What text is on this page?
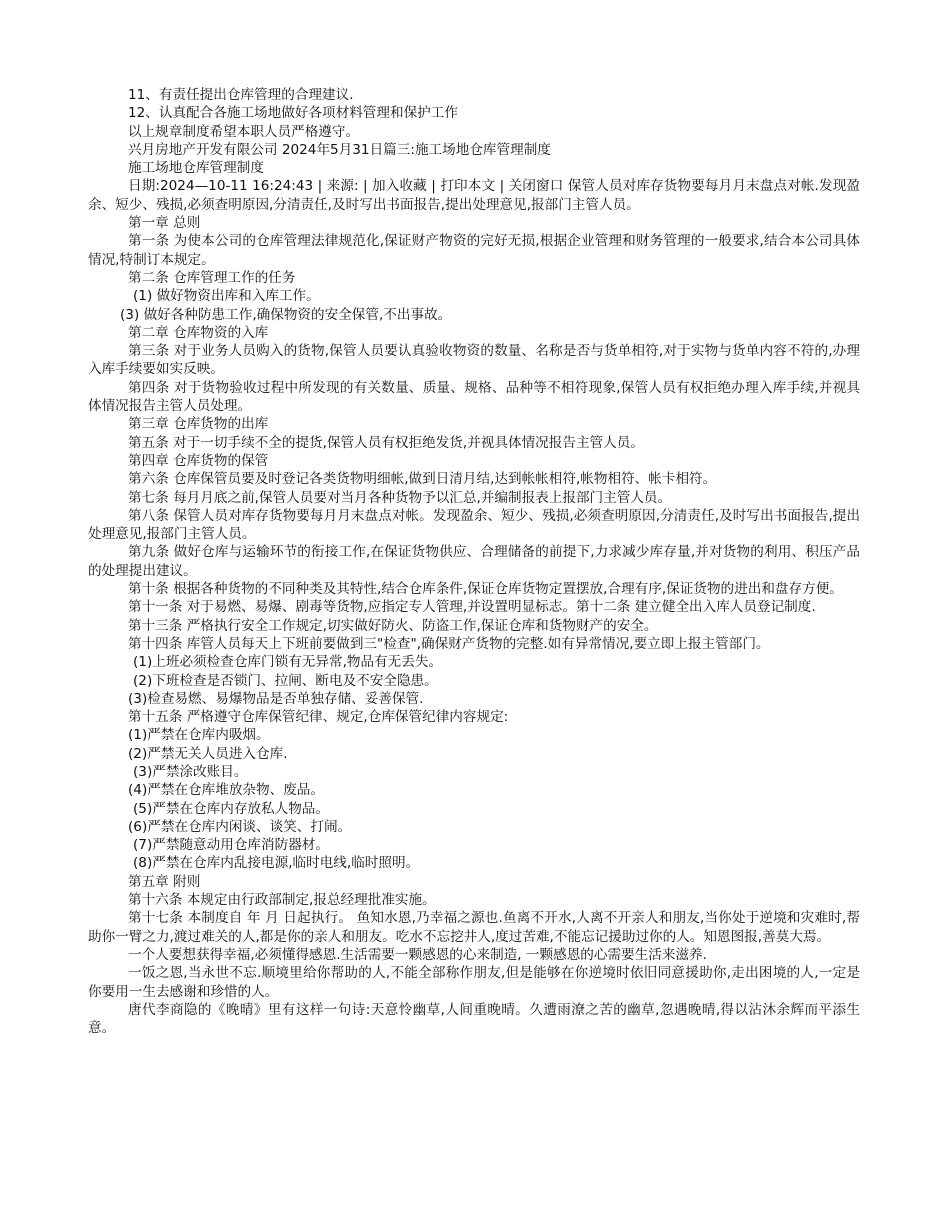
11、有责任提出仓库管理的合理建议.

12、认真配合各施工场地做好各项材料管理和保护工作

以上规章制度希望本职人员严格遵守。

兴月房地产开发有限公司 2024年5月31日篇三:施工场地仓库管理制度

施工场地仓库管理制度

日期:2024—10-11 16:24:43 | 来源: | 加入收藏 | 打印本文 | 关闭窗口 保管人员对库存货物要每月月末盘点对帐.发现盈余、短少、残损,必须查明原因,分清责任,及时写出书面报告,提出处理意见,报部门主管人员。

第一章 总则

第一条 为使本公司的仓库管理法律规范化,保证财产物资的完好无损,根据企业管理和财务管理的一般要求,结合本公司具体情况,特制订本规定。

第二条 仓库管理工作的任务

(1) 做好物资出库和入库工作。

(3) 做好各种防患工作,确保物资的安全保管,不出事故。

第二章 仓库物资的入库

第三条 对于业务人员购入的货物,保管人员要认真验收物资的数量、名称是否与货单相符,对于实物与货单内容不符的,办理入库手续要如实反映。

第四条 对于货物验收过程中所发现的有关数量、质量、规格、品种等不相符现象,保管人员有权拒绝办理入库手续,并视具体情况报告主管人员处理。

第三章 仓库货物的出库

第五条 对于一切手续不全的提货,保管人员有权拒绝发货,并视具体情况报告主管人员。

第四章 仓库货物的保管

第六条 仓库保管员要及时登记各类货物明细帐,做到日清月结,达到帐帐相符,帐物相符、帐卡相符。

第七条 每月月底之前,保管人员要对当月各种货物予以汇总,并编制报表上报部门主管人员。

第八条 保管人员对库存货物要每月月末盘点对帐。发现盈余、短少、残损,必须查明原因,分清责任,及时写出书面报告,提出处理意见,报部门主管人员。

第九条 做好仓库与运输环节的衔接工作,在保证货物供应、合理储备的前提下,力求减少库存量,并对货物的利用、积压产品的处理提出建议。

第十条 根据各种货物的不同种类及其特性,结合仓库条件,保证仓库货物定置摆放,合理有序,保证货物的进出和盘存方便。

第十一条 对于易燃、易爆、剧毒等货物,应指定专人管理,并设置明显标志。第十二条 建立健全出入库人员登记制度.

第十三条 严格执行安全工作规定,切实做好防火、防盗工作,保证仓库和货物财产的安全。

第十四条 库管人员每天上下班前要做到三"检查",确保财产货物的完整.如有异常情况,要立即上报主管部门。

(1)上班必须检查仓库门锁有无异常,物品有无丢失。

(2)下班检查是否锁门、拉闸、断电及不安全隐患。

(3)检查易燃、易爆物品是否单独存储、妥善保管.

第十五条 严格遵守仓库保管纪律、规定,仓库保管纪律内容规定:

(1)严禁在仓库内吸烟。

(2)严禁无关人员进入仓库.

(3)严禁涂改账目。

(4)严禁在仓库堆放杂物、废品。

(5)严禁在仓库内存放私人物品。

(6)严禁在仓库内闲谈、谈笑、打闹。

(7)严禁随意动用仓库消防器材。

(8)严禁在仓库内乱接电源,临时电线,临时照明。

第五章 附则

第十六条 本规定由行政部制定,报总经理批准实施。

第十七条 本制度自 年 月 日起执行。 鱼知水恩,乃幸福之源也.鱼离不开水,人离不开亲人和朋友,当你处于逆境和灾难时,帮助你一臂之力,渡过难关的人,都是你的亲人和朋友。吃水不忘挖井人,度过苦难,不能忘记援助过你的人。知恩图报,善莫大焉。

一个人要想获得幸福,必须懂得感恩.生活需要一颗感恩的心来制造, 一颗感恩的心需要生活来滋养.

一饭之恩,当永世不忘.顺境里给你帮助的人,不能全部称作朋友,但是能够在你逆境时依旧同意援助你,走出困境的人,一定是你要用一生去感谢和珍惜的人。

唐代李商隐的《晚晴》里有这样一句诗:天意怜幽草,人间重晚晴。久遭雨潦之苦的幽草,忽遇晚晴,得以沾沐余辉而平添生意。
